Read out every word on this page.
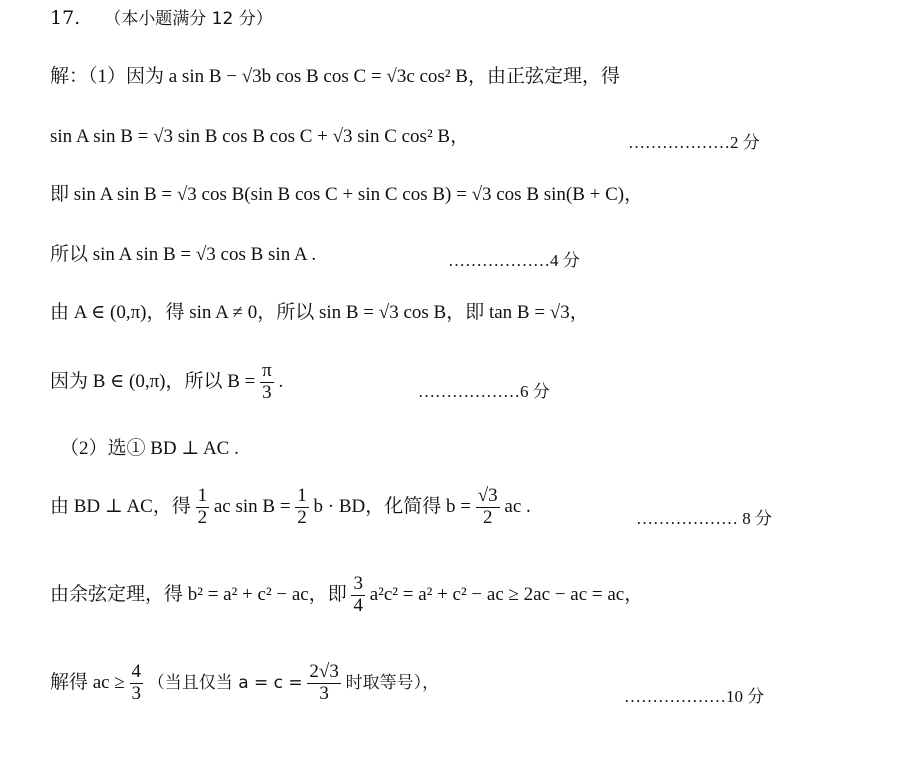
17. （本小题满分 12 分）
解：（1）因为 a sin B − √3b cos B cos C = √3c cos² B，由正弦定理，得
sin A sin B = √3 sin B cos B cos C + √3 sin C cos² B，	………………2 分
即 sin A sin B = √3 cos B(sin B cos C + sin C cos B) = √3 cos B sin(B + C)，
所以 sin A sin B = √3 cos B sin A .	………………4 分
由 A ∈ (0,π)，得 sin A ≠ 0，所以 sin B = √3 cos B，即 tan B = √3，
因为 B ∈ (0,π)，所以 $B = \frac{\pi}{3}$ .	………………6 分
（2）选① BD ⊥ AC .
由 BD ⊥ AC，得 $\frac{1}{2}$ ac $\sin B = \frac{1}{2}$ b · BD，化简得 $b = \frac{√3}{2}$ ac .
……………… 8 分
由余弦定理，得 b² = a² + c² − ac，即 $\frac{3}{4} a^2c^2 = a^2 + c^2$ − ac ≥ 2ac − ac = ac，
解得 ac ≥ $\frac{4}{3}$ （当且仅当 $a = c = \frac{2√3}{3}$ 时取等号），
………………10 分
